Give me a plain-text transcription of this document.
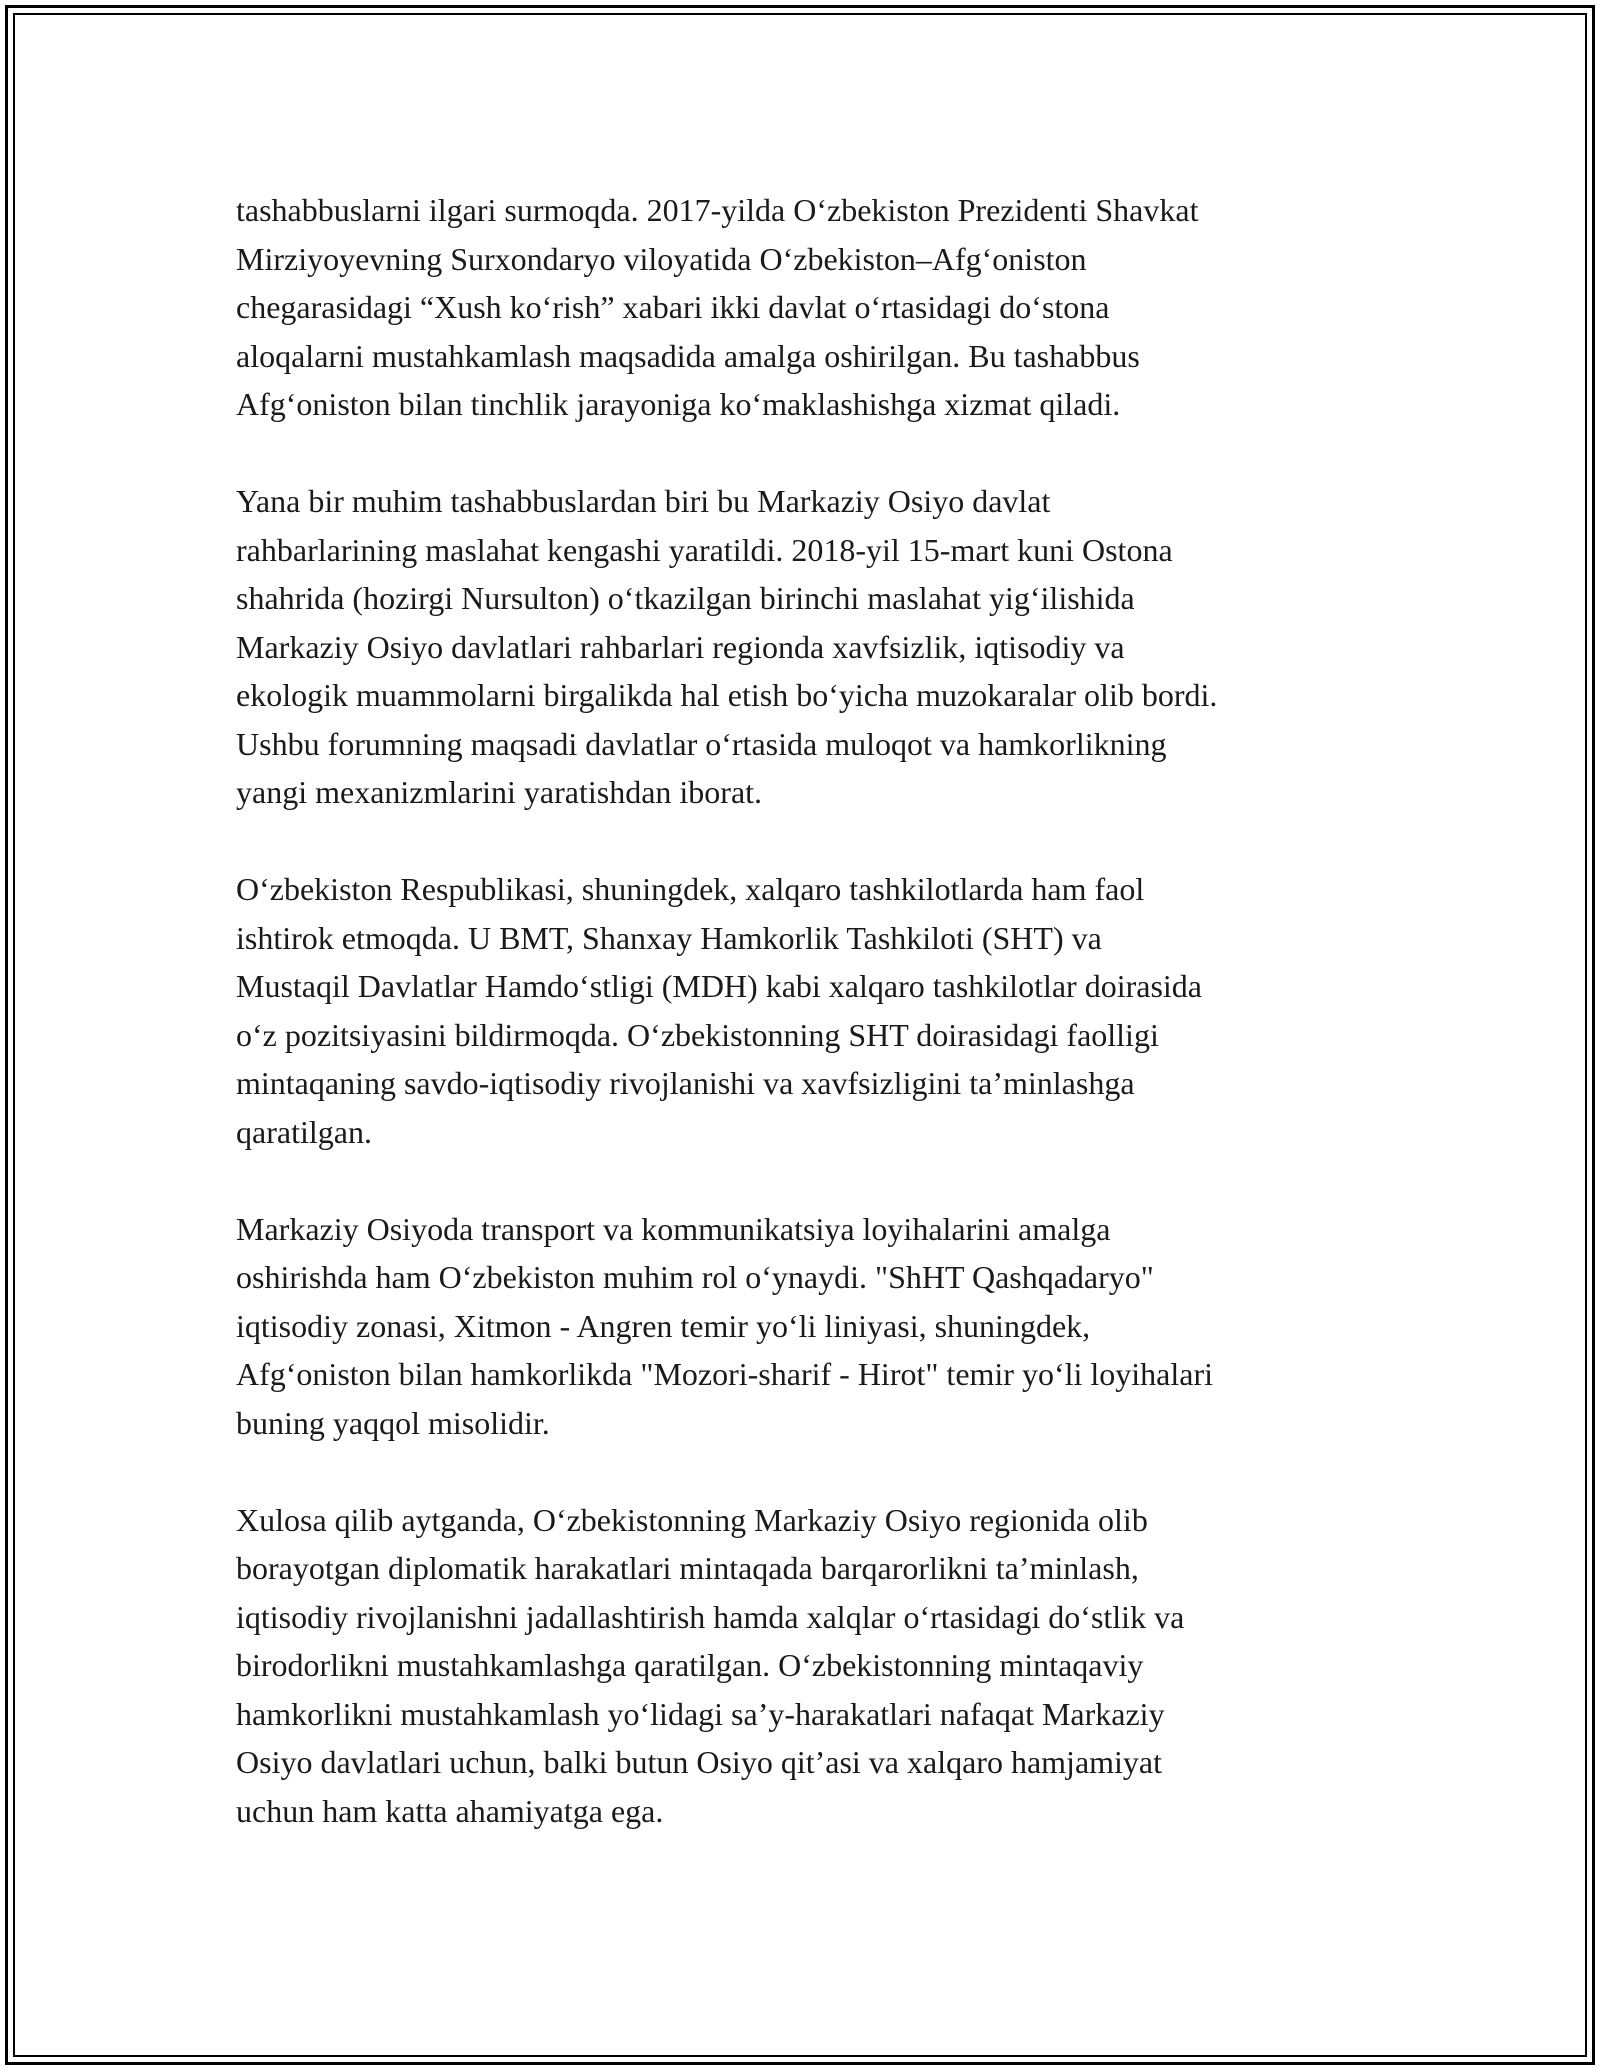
tashabbuslarni ilgari surmoqda. 2017-yilda O‘zbekiston Prezidenti Shavkat
Mirziyoyevning Surxondaryo viloyatida O‘zbekiston–Afg‘oniston
chegarasidagi “Xush ko‘rish” xabari ikki davlat o‘rtasidagi do‘stona
aloqalarni mustahkamlash maqsadida amalga oshirilgan. Bu tashabbus
Afg‘oniston bilan tinchlik jarayoniga ko‘maklashishga xizmat qiladi.
Yana bir muhim tashabbuslardan biri bu Markaziy Osiyo davlat
rahbarlarining maslahat kengashi yaratildi. 2018-yil 15-mart kuni Ostona
shahrida (hozirgi Nursulton) o‘tkazilgan birinchi maslahat yig‘ilishida
Markaziy Osiyo davlatlari rahbarlari regionda xavfsizlik, iqtisodiy va
ekologik muammolarni birgalikda hal etish bo‘yicha muzokaralar olib bordi.
Ushbu forumning maqsadi davlatlar o‘rtasida muloqot va hamkorlikning
yangi mexanizmlarini yaratishdan iborat.
O‘zbekiston Respublikasi, shuningdek, xalqaro tashkilotlarda ham faol
ishtirok etmoqda. U BMT, Shanxay Hamkorlik Tashkiloti (SHT) va
Mustaqil Davlatlar Hamdo‘stligi (MDH) kabi xalqaro tashkilotlar doirasida
o‘z pozitsiyasini bildirmoqda. O‘zbekistonning SHT doirasidagi faolligi
mintaqaning savdo-iqtisodiy rivojlanishi va xavfsizligini ta’minlashga
qaratilgan.
Markaziy Osiyoda transport va kommunikatsiya loyihalarini amalga
oshirishda ham O‘zbekiston muhim rol o‘ynaydi. "ShHT Qashqadaryo"
iqtisodiy zonasi, Xitmon - Angren temir yo‘li liniyasi, shuningdek,
Afg‘oniston bilan hamkorlikda "Mozori-sharif - Hirot" temir yo‘li loyihalari
buning yaqqol misolidir.
Xulosa qilib aytganda, O‘zbekistonning Markaziy Osiyo regionida olib
borayotgan diplomatik harakatlari mintaqada barqarorlikni ta’minlash,
iqtisodiy rivojlanishni jadallashtirish hamda xalqlar o‘rtasidagi do‘stlik va
birodorlikni mustahkamlashga qaratilgan. O‘zbekistonning mintaqaviy
hamkorlikni mustahkamlash yo‘lidagi sa’y-harakatlari nafaqat Markaziy
Osiyo davlatlari uchun, balki butun Osiyo qit’asi va xalqaro hamjamiyat
uchun ham katta ahamiyatga ega.
